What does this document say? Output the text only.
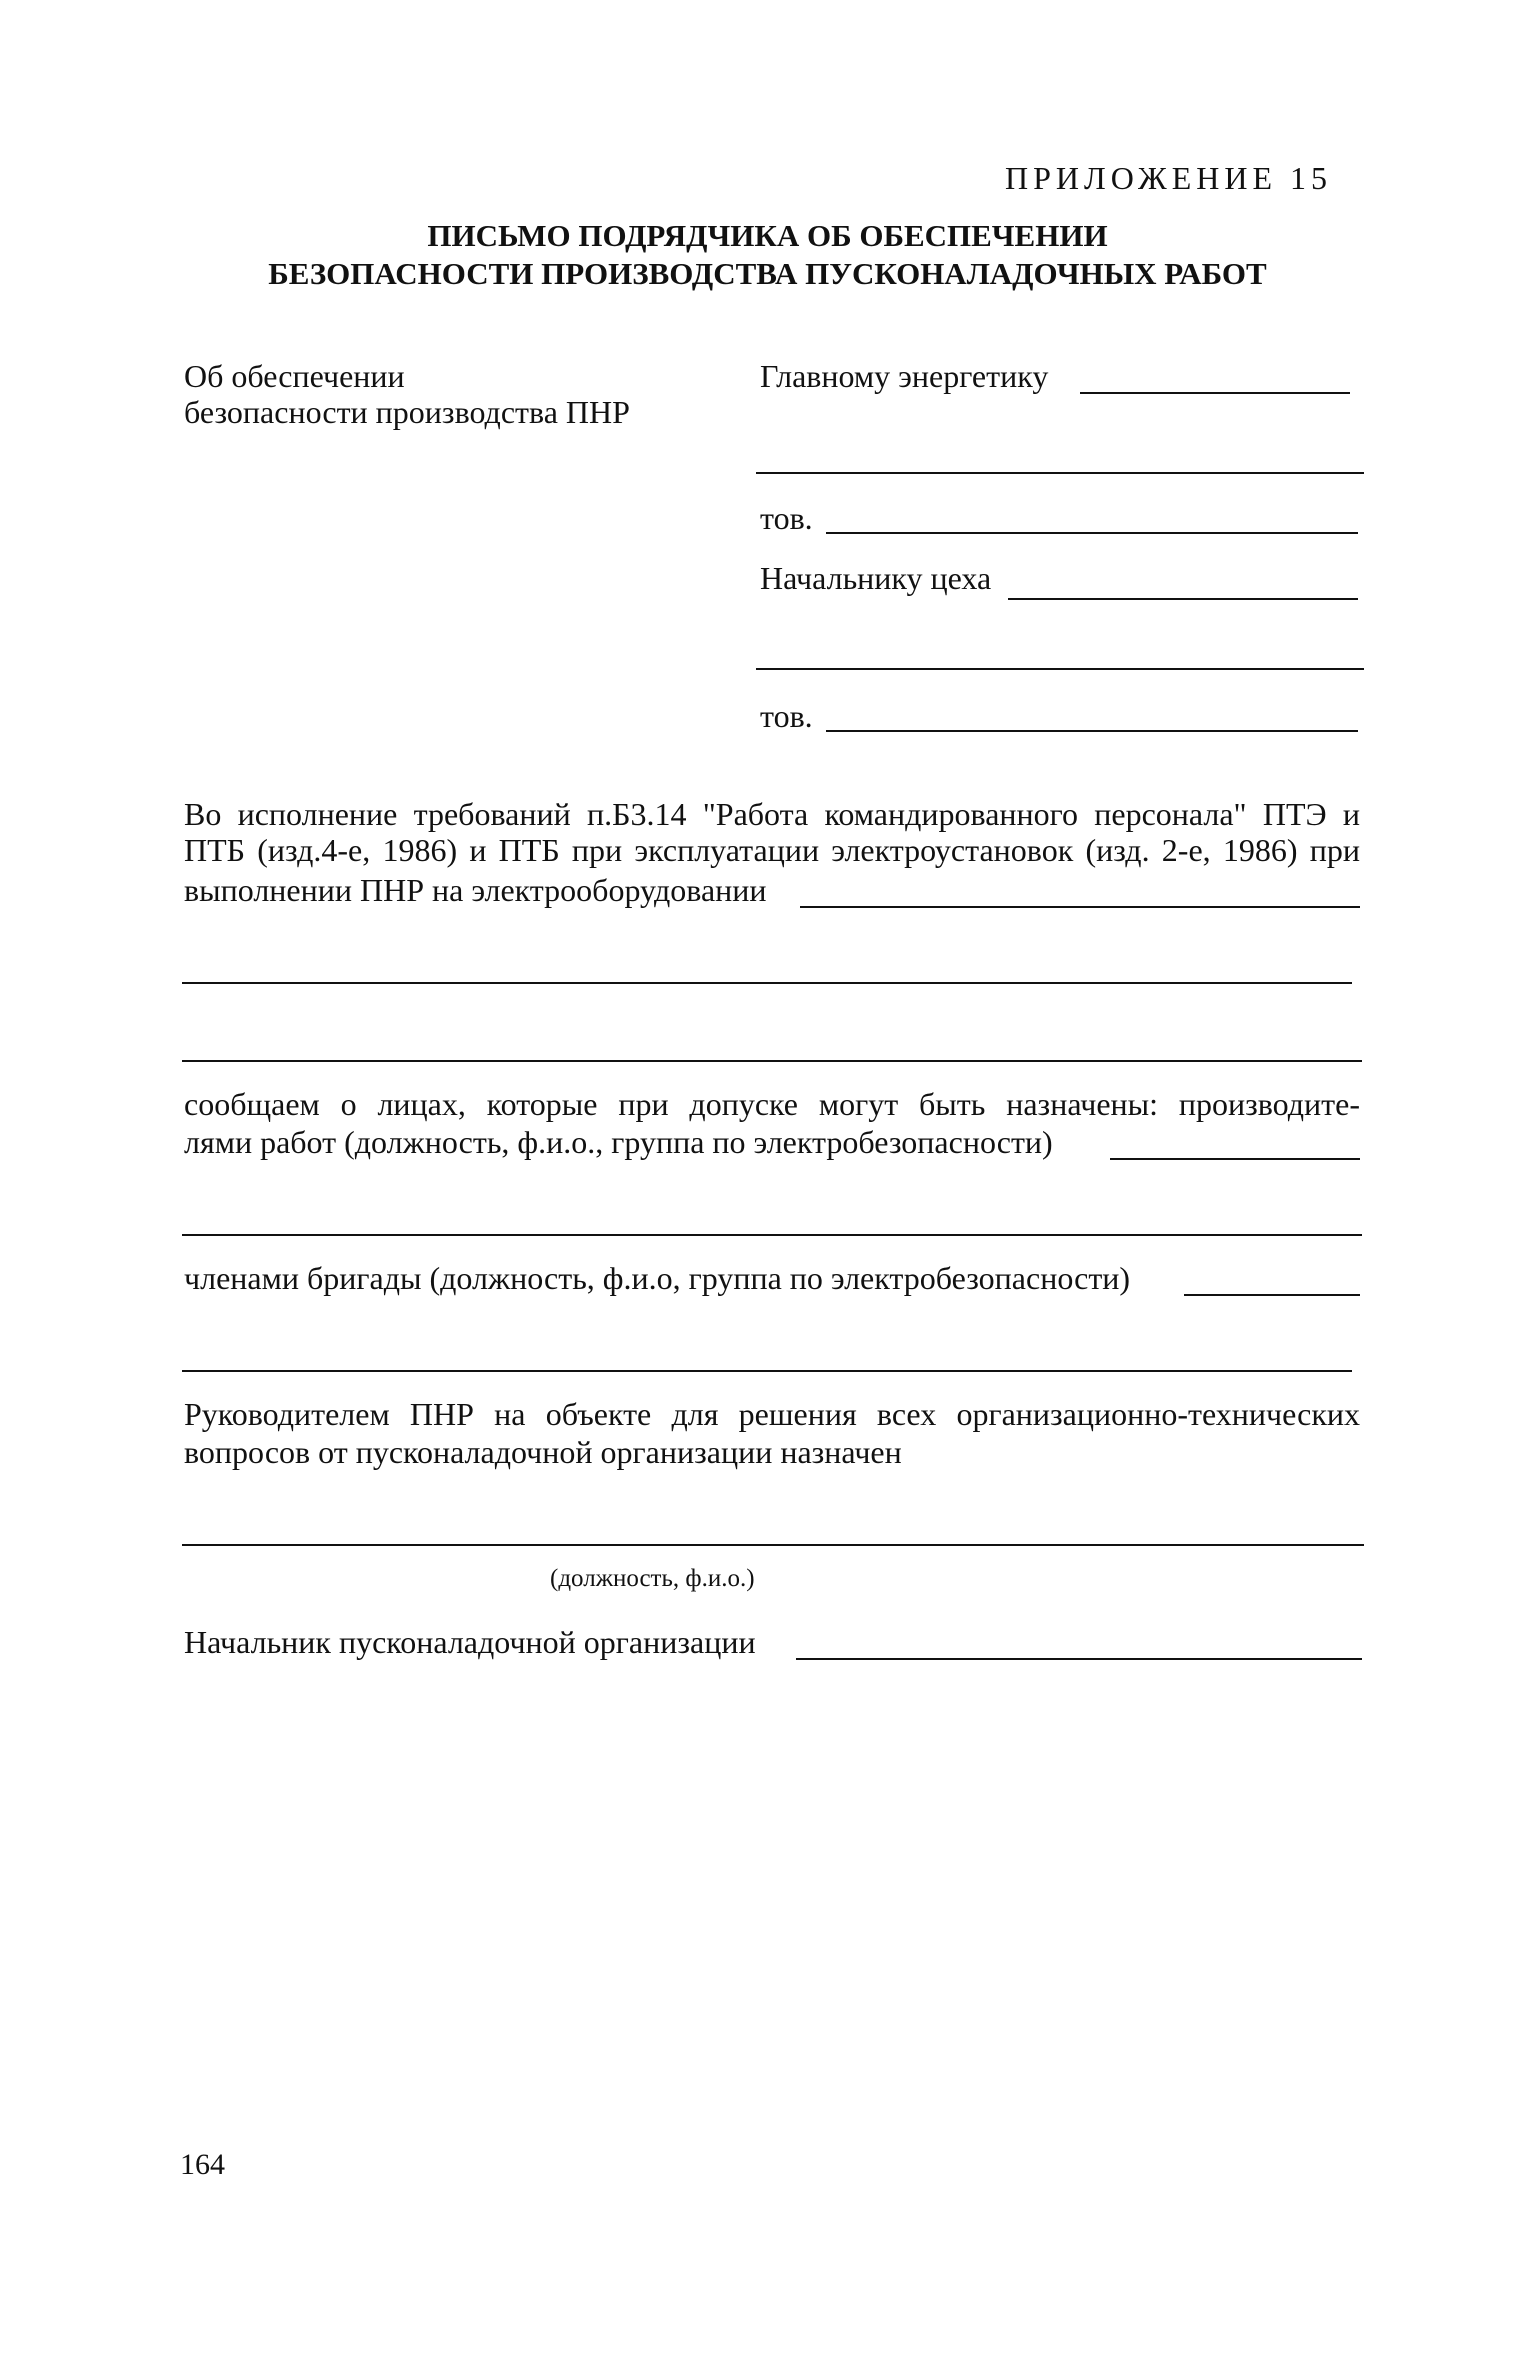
ПРИЛОЖЕНИЕ 15
ПИСЬМО ПОДРЯДЧИКА ОБ ОБЕСПЕЧЕНИИ
БЕЗОПАСНОСТИ ПРОИЗВОДСТВА ПУСКОНАЛАДОЧНЫХ РАБОТ
Об обеспечении
безопасности производства ПНР
Главному энергетику
тов.
Начальнику цеха
тов.
Во исполнение требований п.Б3.14 "Работа командированного персонала" ПТЭ и
ПТБ (изд.4-е, 1986) и ПТБ при эксплуатации электроустановок (изд. 2-е, 1986) при
выполнении ПНР на электрооборудовании
сообщаем о лицах, которые при допуске могут быть назначены: производите-
лями работ (должность, ф.и.о., группа по электробезопасности)
членами бригады (должность, ф.и.о, группа по электробезопасности)
Руководителем ПНР на объекте для решения всех организационно-технических
вопросов от пусконаладочной организации назначен
(должность, ф.и.о.)
Начальник пусконаладочной организации
164
